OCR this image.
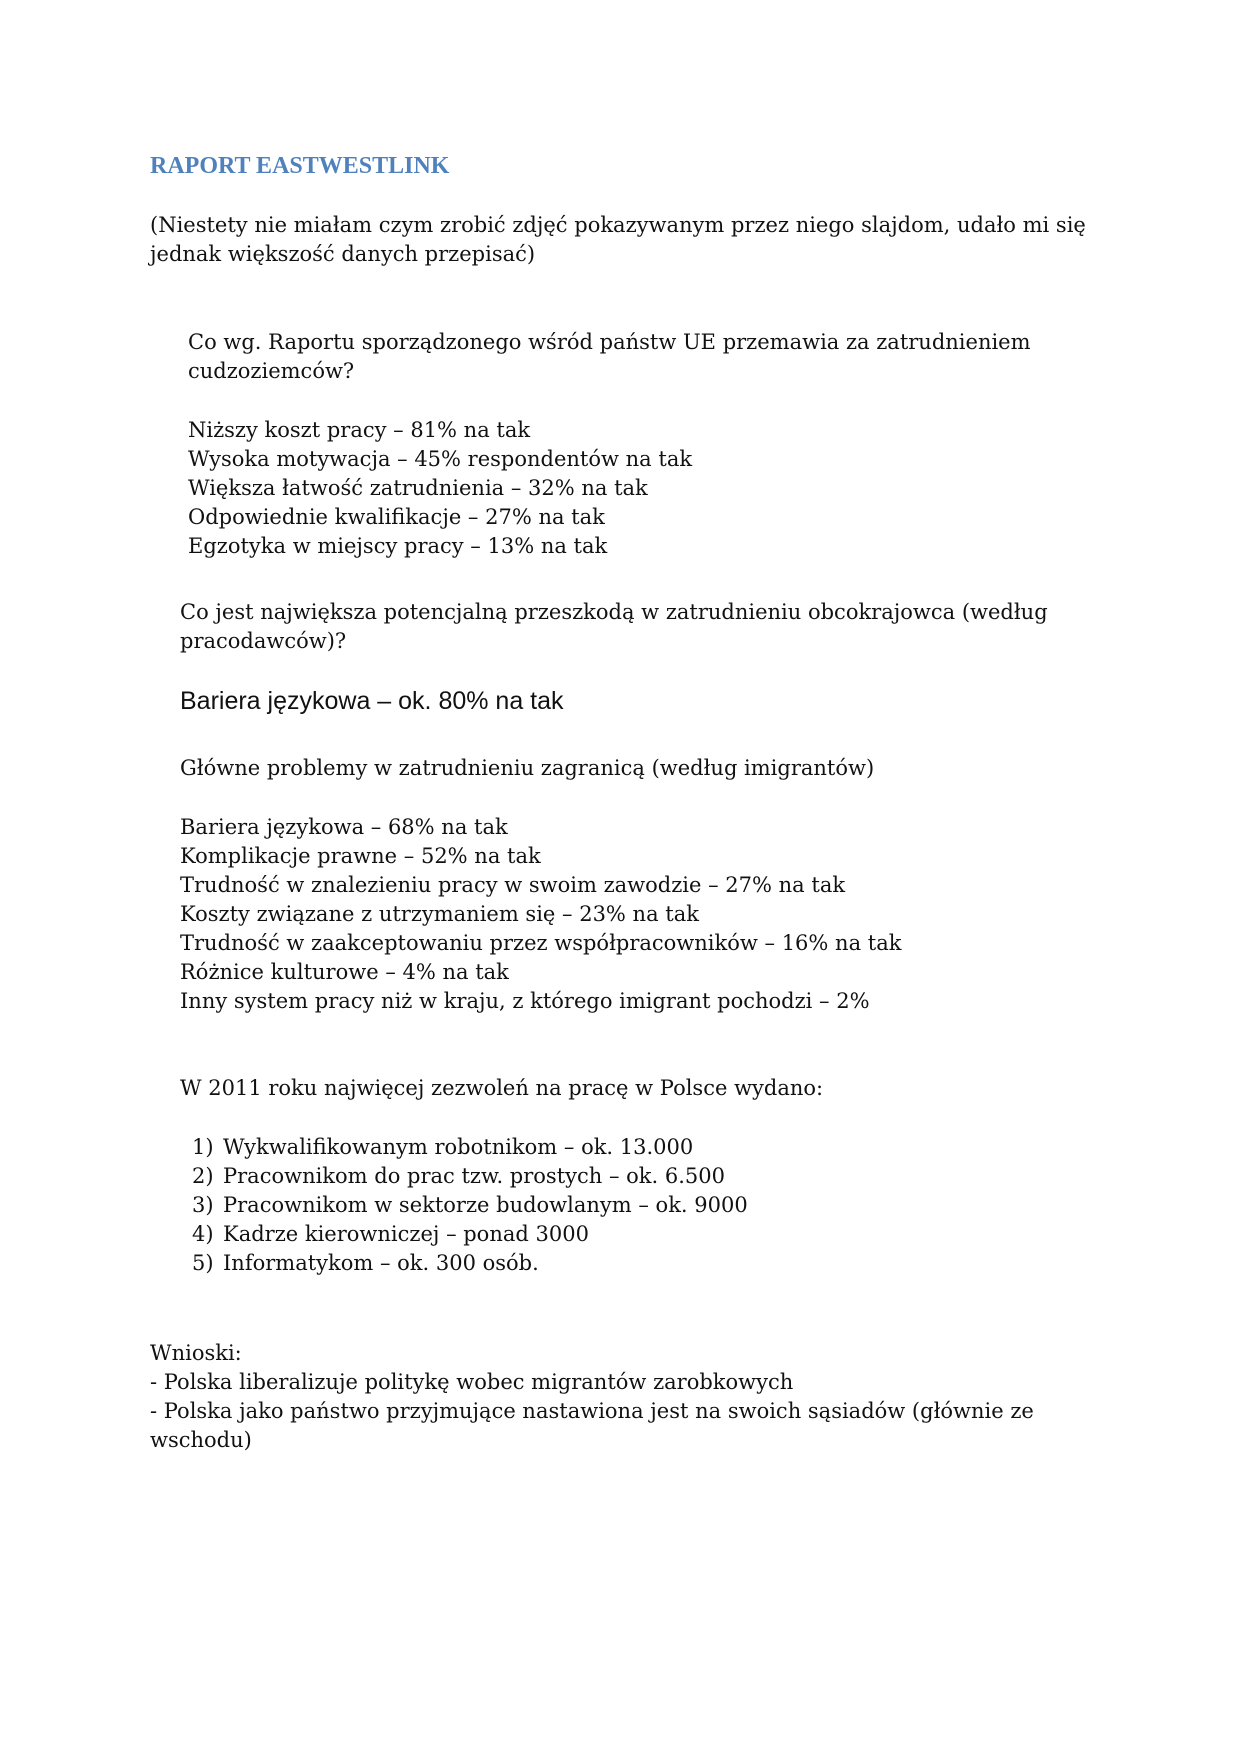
RAPORT EASTWESTLINK
(Niestety nie miałam czym zrobić zdjęć pokazywanym przez niego slajdom, udało mi się
jednak większość danych przepisać)
Co wg. Raportu sporządzonego wśród państw UE przemawia za zatrudnieniem
cudzoziemców?
Niższy koszt pracy – 81% na tak
Wysoka motywacja – 45% respondentów na tak
Większa łatwość zatrudnienia – 32% na tak
Odpowiednie kwalifikacje – 27% na tak
Egzotyka w miejscy pracy – 13% na tak
Co jest największa potencjalną przeszkodą w zatrudnieniu obcokrajowca (według
pracodawców)?
Bariera językowa – ok. 80% na tak
Główne problemy w zatrudnieniu zagranicą (według imigrantów)
Bariera językowa – 68% na tak
Komplikacje prawne – 52% na tak
Trudność w znalezieniu pracy w swoim zawodzie – 27% na tak
Koszty związane z utrzymaniem się – 23% na tak
Trudność w zaakceptowaniu przez współpracowników – 16% na tak
Różnice kulturowe – 4% na tak
Inny system pracy niż w kraju, z którego imigrant pochodzi – 2%
W 2011 roku najwięcej zezwoleń na pracę w Polsce wydano:
1) Wykwalifikowanym robotnikom – ok. 13.000
2) Pracownikom do prac tzw. prostych – ok. 6.500
3) Pracownikom w sektorze budowlanym – ok. 9000
4) Kadrze kierowniczej – ponad 3000
5) Informatykom – ok. 300 osób.
Wnioski:
- Polska liberalizuje politykę wobec migrantów zarobkowych
- Polska jako państwo przyjmujące nastawiona jest na swoich sąsiadów (głównie ze
wschodu)
